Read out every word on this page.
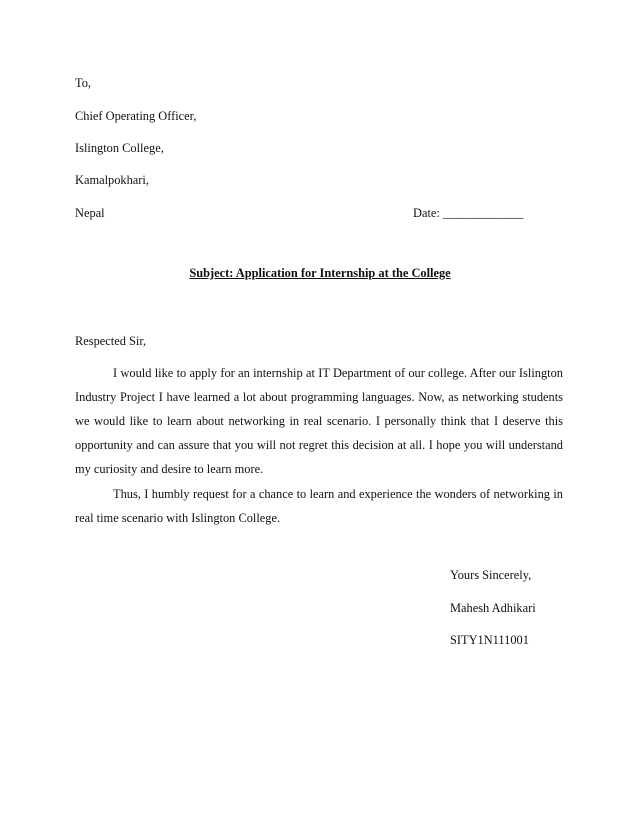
To,
Chief Operating Officer,
Islington College,
Kamalpokhari,
Nepal	Date: _____________
Subject: Application for Internship at the College
Respected Sir,

I would like to apply for an internship at IT Department of our college. After our Islington Industry Project I have learned a lot about programming languages. Now, as networking students we would like to learn about networking in real scenario. I personally think that I deserve this opportunity and can assure that you will not regret this decision at all. I hope you will understand my curiosity and desire to learn more.

Thus, I humbly request for a chance to learn and experience the wonders of networking in real time scenario with Islington College.

Yours Sincerely,
Mahesh Adhikari
SITY1N111001
